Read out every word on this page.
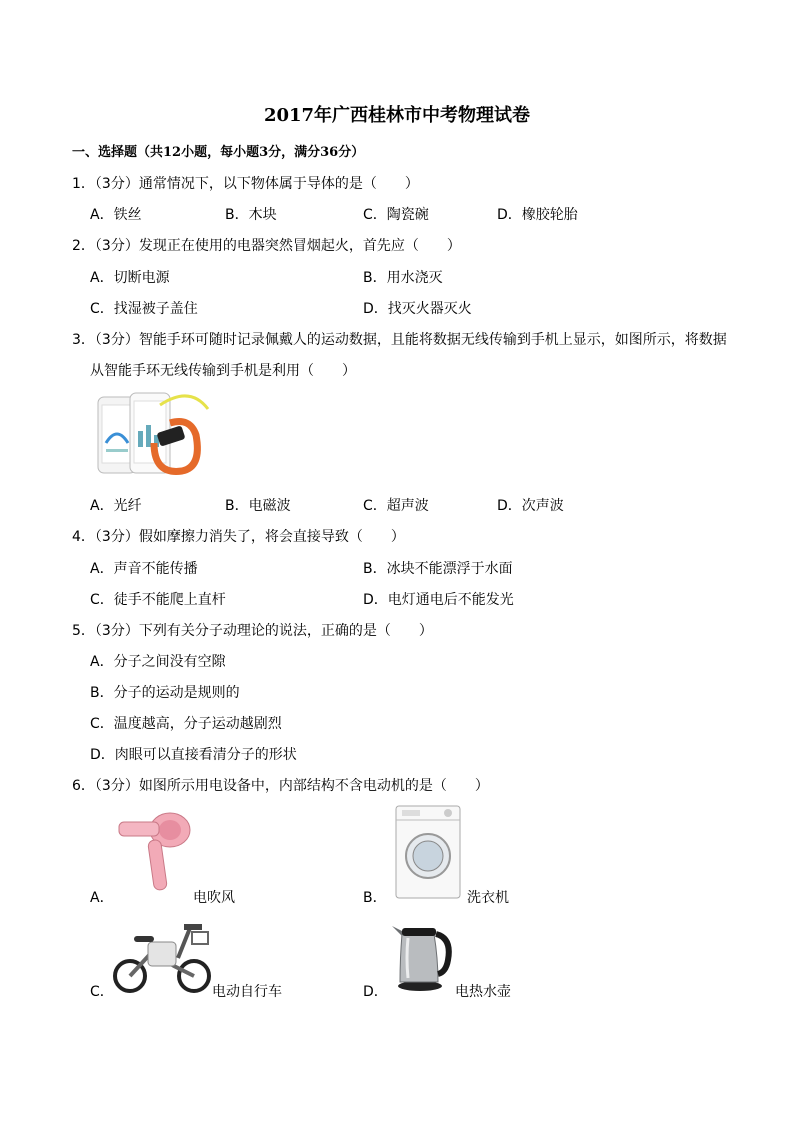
2017年广西桂林市中考物理试卷
一、选择题（共12小题，每小题3分，满分36分）
1．（3分）通常情况下，以下物体属于导体的是（　　）
A．铁丝	B．木块	C．陶瓷碗	D．橡胶轮胎
2．（3分）发现正在使用的电器突然冒烟起火，首先应（　　）
A．切断电源	B．用水浇灭
C．找湿被子盖住	D．找灭火器灭火
3．（3分）智能手环可随时记录佩戴人的运动数据，且能将数据无线传输到手机上显示，如图所示，将数据
从智能手环无线传输到手机是利用（　　）
A．光纤	B．电磁波	C．超声波	D．次声波
4．（3分）假如摩擦力消失了，将会直接导致（　　）
A．声音不能传播	B．冰块不能漂浮于水面
C．徒手不能爬上直杆	D．电灯通电后不能发光
5．（3分）下列有关分子动理论的说法，正确的是（　　）
A．分子之间没有空隙
B．分子的运动是规则的
C．温度越高，分子运动越剧烈
D．肉眼可以直接看清分子的形状
6．（3分）如图所示用电设备中，内部结构不含电动机的是（　　）
A．	电吹风	B．	洗衣机
C．	电动自行车	D．	电热水壶
